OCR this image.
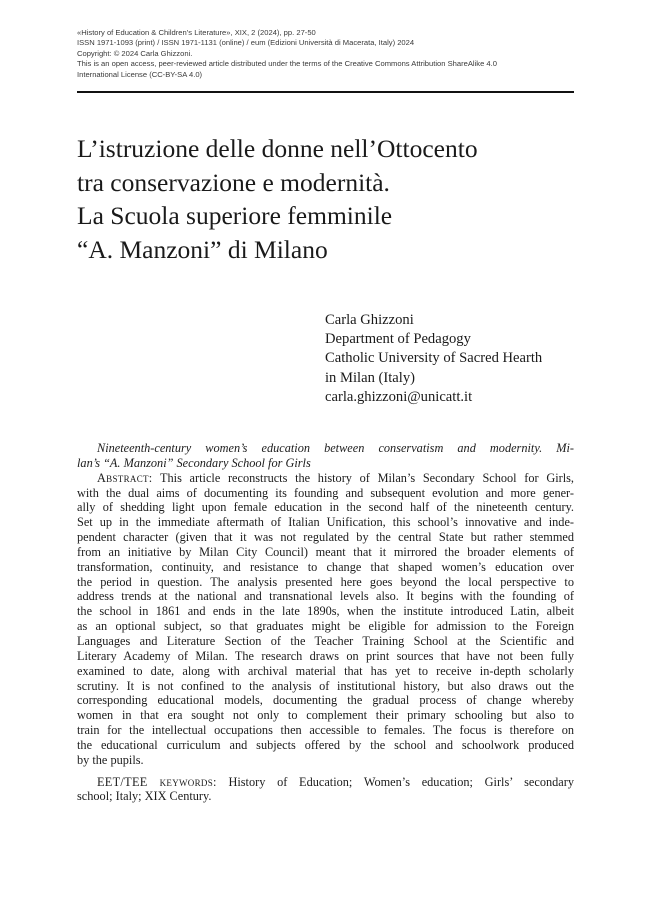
«History of Education & Children’s Literature», XIX, 2 (2024), pp. 27-50
ISSN 1971-1093 (print) / ISSN 1971-1131 (online) / eum (Edizioni Università di Macerata, Italy) 2024
Copyright: © 2024 Carla Ghizzoni.
This is an open access, peer-reviewed article distributed under the terms of the Creative Commons Attribution ShareAlike 4.0
International License (CC-BY-SA 4.0)
L’istruzione delle donne nell’Ottocento
tra conservazione e modernità.
La Scuola superiore femminile
“A. Manzoni” di Milano
Carla Ghizzoni
Department of Pedagogy
Catholic University of Sacred Hearth
in Milan (Italy)
carla.ghizzoni@unicatt.it
Nineteenth-century women’s education between conservatism and modernity. Mi-
lan’s “A. Manzoni” Secondary School for Girls
Abstract: This article reconstructs the history of Milan’s Secondary School for Girls,
with the dual aims of documenting its founding and subsequent evolution and more gener-
ally of shedding light upon female education in the second half of the nineteenth century.
Set up in the immediate aftermath of Italian Unification, this school’s innovative and inde-
pendent character (given that it was not regulated by the central State but rather stemmed
from an initiative by Milan City Council) meant that it mirrored the broader elements of
transformation, continuity, and resistance to change that shaped women’s education over
the period in question. The analysis presented here goes beyond the local perspective to
address trends at the national and transnational levels also. It begins with the founding of
the school in 1861 and ends in the late 1890s, when the institute introduced Latin, albeit
as an optional subject, so that graduates might be eligible for admission to the Foreign
Languages and Literature Section of the Teacher Training School at the Scientific and
Literary Academy of Milan. The research draws on print sources that have not been fully
examined to date, along with archival material that has yet to receive in-depth scholarly
scrutiny. It is not confined to the analysis of institutional history, but also draws out the
corresponding educational models, documenting the gradual process of change whereby
women in that era sought not only to complement their primary schooling but also to
train for the intellectual occupations then accessible to females. The focus is therefore on
the educational curriculum and subjects offered by the school and schoolwork produced
by the pupils.
EET/TEE keywords: History of Education; Women’s education; Girls’ secondary
school; Italy; XIX Century.
